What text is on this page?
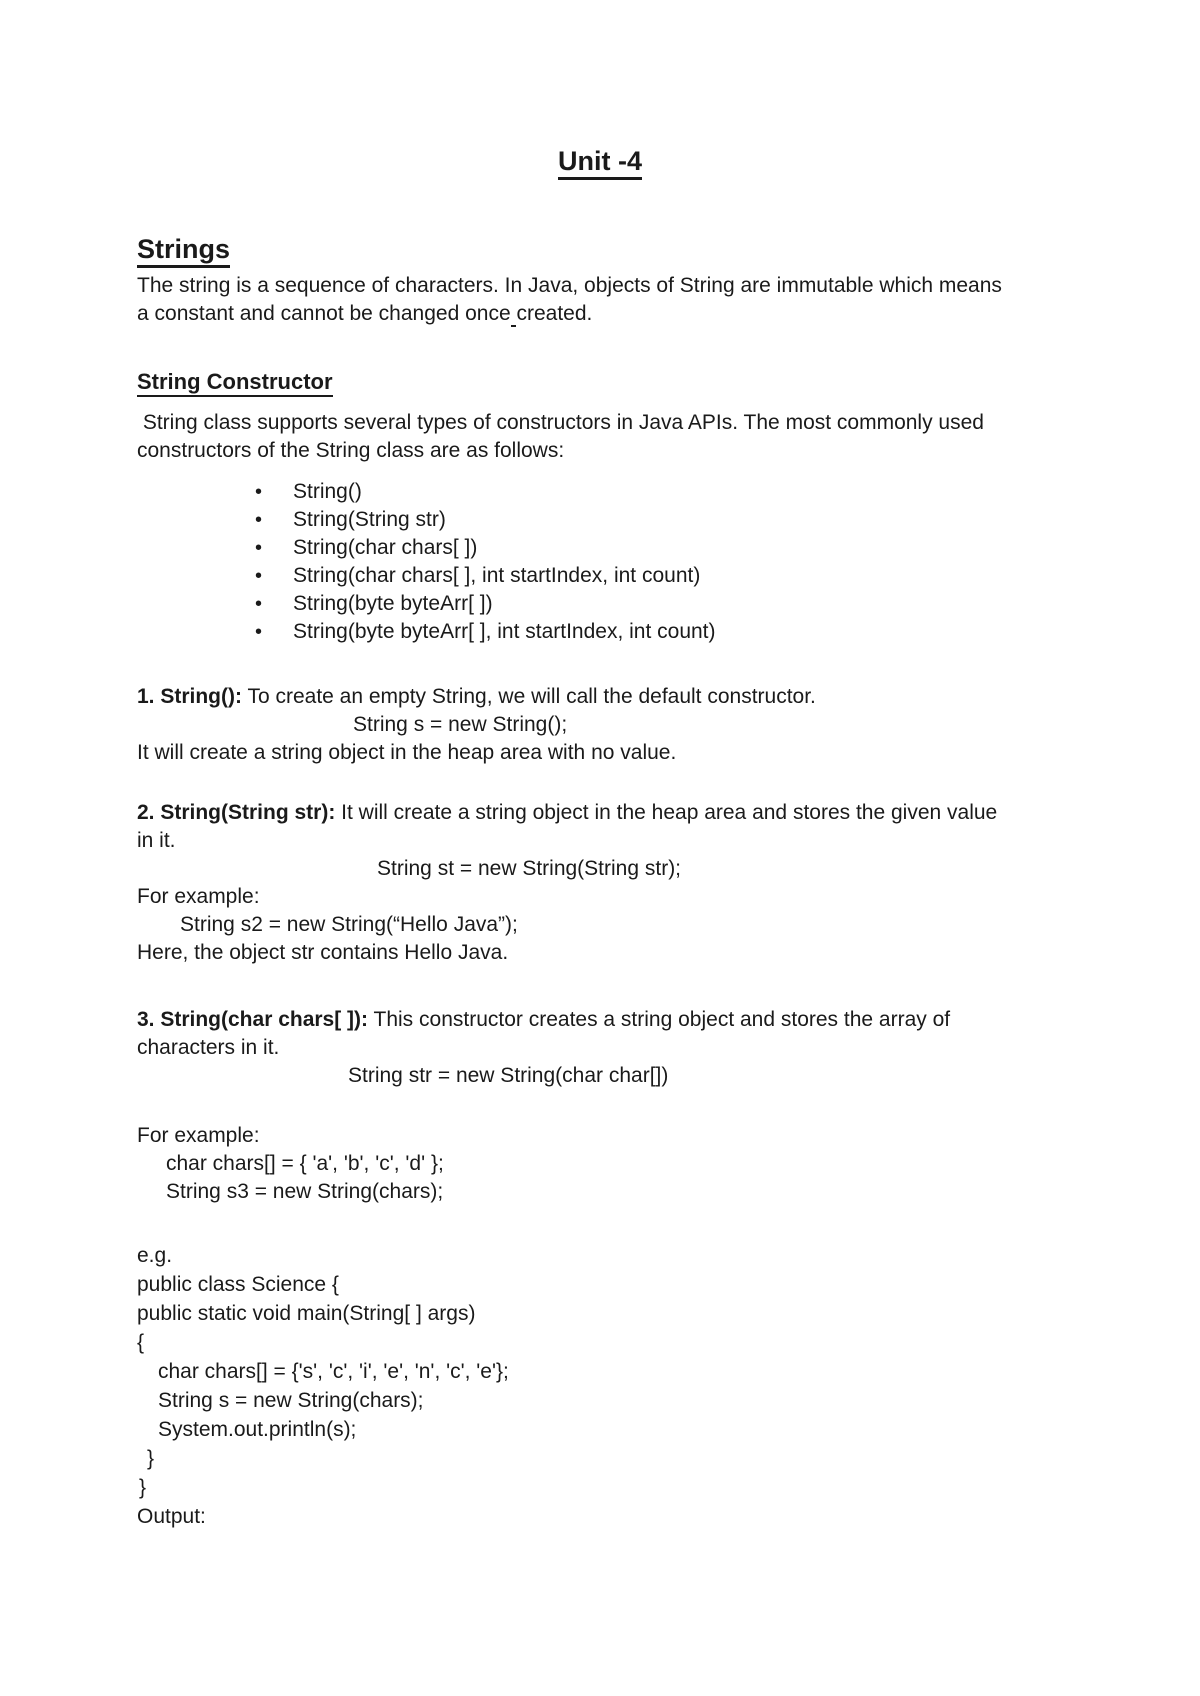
Unit -4
Strings
The string is a sequence of characters. In Java, objects of String are immutable which means
a constant and cannot be changed once created.
String Constructor
String class supports several types of constructors in Java APIs. The most commonly used
constructors of the String class are as follows:
•
String()
•
String(String str)
•
String(char chars[ ])
•
String(char chars[ ], int startIndex, int count)
•
String(byte byteArr[ ])
•
String(byte byteArr[ ], int startIndex, int count)
1. String(): To create an empty String, we will call the default constructor.
String s = new String();
It will create a string object in the heap area with no value.
2. String(String str): It will create a string object in the heap area and stores the given value
in it.
String st = new String(String str);
For example:
String s2 = new String(“Hello Java”);
Here, the object str contains Hello Java.
3. String(char chars[ ]): This constructor creates a string object and stores the array of
characters in it.
String str = new String(char char[])
For example:
char chars[] = { 'a', 'b', 'c', 'd' };
String s3 = new String(chars);
e.g.
public class Science {
public static void main(String[ ] args)
{
char chars[] = {'s', 'c', 'i', 'e', 'n', 'c', 'e'};
String s = new String(chars);
System.out.println(s);
}
}
Output:
